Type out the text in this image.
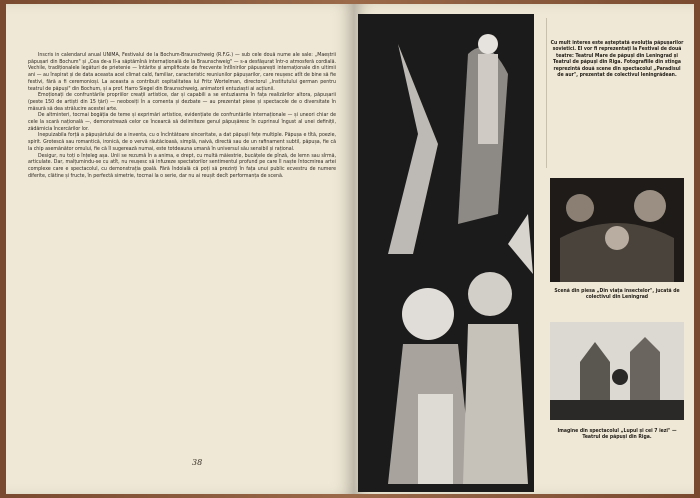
Inscris in calendarul anual UNIMA, Festivalul de la Bochum-Braunschweig (R.F.G.) — sub cele două nume ale sale: „Maeștrii păpușari din Bochum" și „Cea de-a II-a săptămînă internațională de la Braunschweig" — s-a desfășurat într-o atmosferă cordială. Vechile, tradiționalele legături de prietenie — întărite și amplificate de frecvente întîlnirilor păpușarești internaționale din ultimii ani — au înspirat și de data aceasta acel climat cald, familiar, caracteristic reuniunilor păpușarilor, care reușesc atît de bine să fie festivi, fără a fi ceremonioși. La aceasta a contribuit ospitalitatea lui Fritz Wortelman, directorul „Institutului german pentru teatrul de păpuși" din Bochum, și a prof. Harro Siegel din Braunschweig, animatorii entuziaști ai acțiunii.

Emoționați de confruntările propriilor creații artistice, dar și capabili a se entuziasma în fața realizărilor altora, păpușarii (peste 150 de artiști din 15 țări) — neobosiți în a comenta și dezbate — au prezentat piese și spectacole de o diversitate în măsură să dea strălucire acestei arte.

De altminteri, tocmai bogăția de teme și exprimări artistice, evidențiate de confruntările internaționale — și uneori chiar de cele la scară națională —, demonstrează celor ce încearcă să delimiteze genul păpușăresc în cuprinsul îngust al unei definiții, zădărnicia încercărilor lor.

Inepuizabila forță a păpușăriului de a inventa, cu o încîntătoare sinceritate, a dat păpușii fețe multiple. Păpușa e tîtă, poezie, spirit. Grotescă sau romantică, ironică, de o vervă răutăcioasă, simplă, naivă, directă sau de un rafinament subtil, păpușa, fie că la chip asemănător omului, fie că îl sugerează numai, este totdeauna umană în universul său sensibil și rațional.

Desigur, nu toți o înțeleg așa. Unii se rezumă în a anima, e drept, cu multă măiestrie, bucățele de pînză, de lemn sau sîrmă, articulate. Dar, malțumindu-se cu atît, nu reușesc să infuzeze spectatorilor sentimentul profund pe care îl naște întocmirea artei complexe care e spectacolul, cu demonstrația goală. Fără îndoială că poți să prezinți în fața unui public ecvestru de numere diferite, clătine și fructe, în perfectă simetrie, tocmai la o serie, dar nu ai reușit decît performanța de scenă.

38
Cu mult interes este așteptată evoluția păpușarilor sovietici. El vor fi reprezentați la Festival de două teatre: Teatrul Mare de păpuși din Leningrad și Teatrul de păpuși din Riga. Fotografiile din stînga reprezintă două scene din spectacolul „Paradisul de aur", prezentat de colectivul leningrădean.
Scenă din piesa „Din viața insectelor", jucată de colectivul din Leningrad
Imagine din spectacolul „Lupul și cei 7 iezi" — Teatrul de păpuși din Riga.
